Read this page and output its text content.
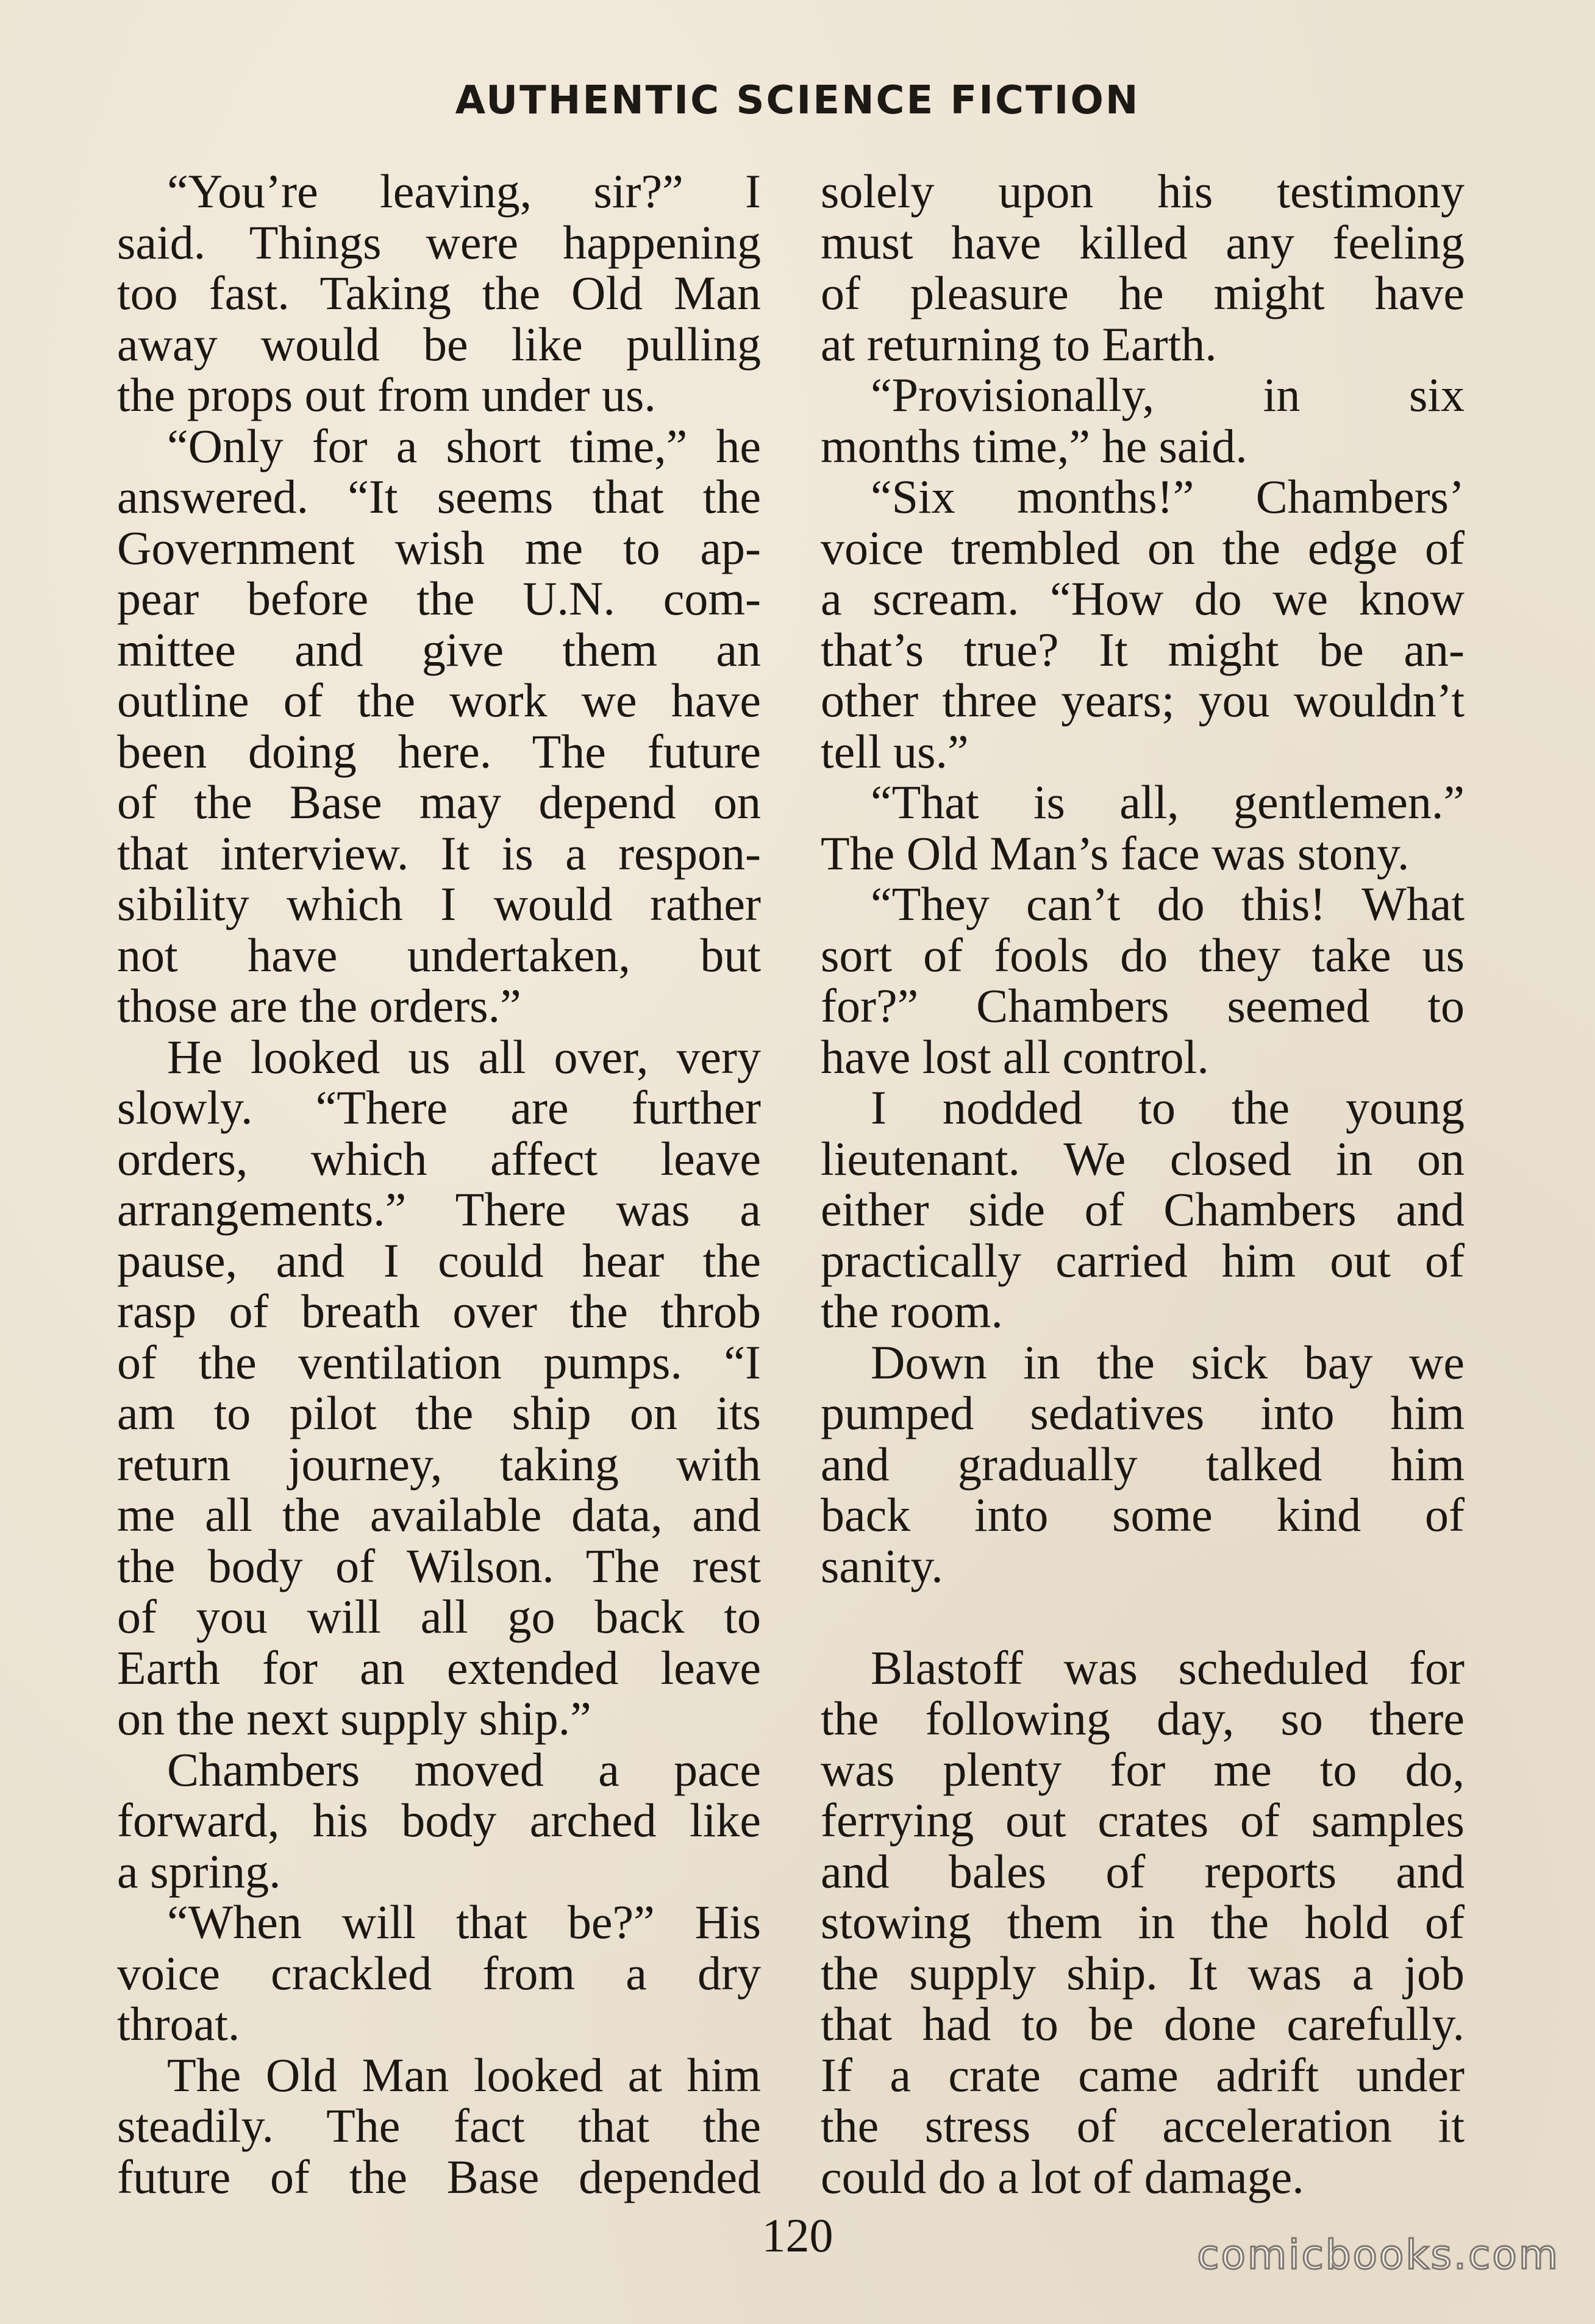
AUTHENTIC SCIENCE FICTION
“You’re leaving, sir?” I
said. Things were happening
too fast. Taking the Old Man
away would be like pulling
the props out from under us.
“Only for a short time,” he
answered. “It seems that the
Government wish me to ap-
pear before the U.N. com-
mittee and give them an
outline of the work we have
been doing here. The future
of the Base may depend on
that interview. It is a respon-
sibility which I would rather
not have undertaken, but
those are the orders.”
He looked us all over, very
slowly. “There are further
orders, which affect leave
arrangements.” There was a
pause, and I could hear the
rasp of breath over the throb
of the ventilation pumps. “I
am to pilot the ship on its
return journey, taking with
me all the available data, and
the body of Wilson. The rest
of you will all go back to
Earth for an extended leave
on the next supply ship.”
Chambers moved a pace
forward, his body arched like
a spring.
“When will that be?” His
voice crackled from a dry
throat.
The Old Man looked at him
steadily. The fact that the
future of the Base depended
solely upon his testimony
must have killed any feeling
of pleasure he might have
at returning to Earth.
“Provisionally, in six
months time,” he said.
“Six months!” Chambers’
voice trembled on the edge of
a scream. “How do we know
that’s true? It might be an-
other three years; you wouldn’t
tell us.”
“That is all, gentlemen.”
The Old Man’s face was stony.
“They can’t do this! What
sort of fools do they take us
for?” Chambers seemed to
have lost all control.
I nodded to the young
lieutenant. We closed in on
either side of Chambers and
practically carried him out of
the room.
Down in the sick bay we
pumped sedatives into him
and gradually talked him
back into some kind of
sanity.
Blastoff was scheduled for
the following day, so there
was plenty for me to do,
ferrying out crates of samples
and bales of reports and
stowing them in the hold of
the supply ship. It was a job
that had to be done carefully.
If a crate came adrift under
the stress of acceleration it
could do a lot of damage.
120	comicbooks.com
